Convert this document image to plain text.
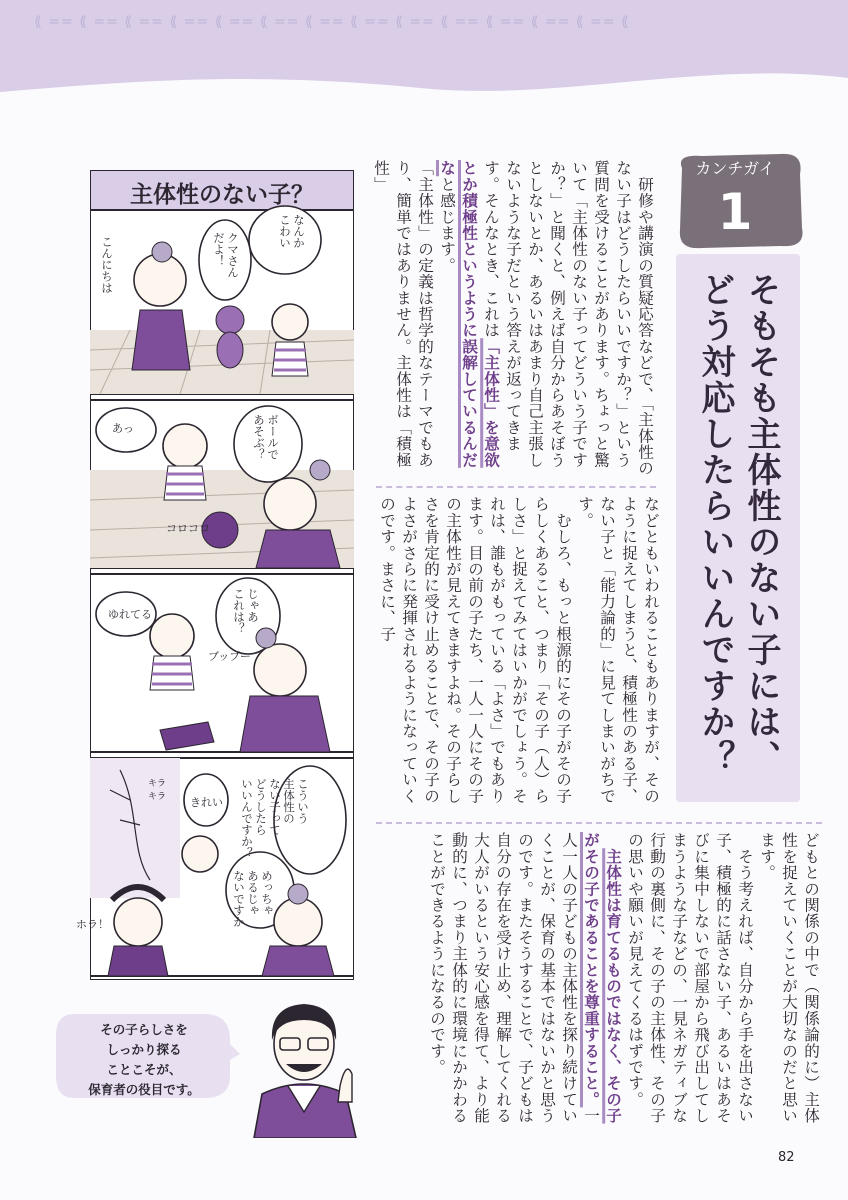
⟪ == ⟪ == ⟪ == ⟪ == ⟪ == ⟪ == ⟪ == ⟪ == ⟪ == ⟪ == ⟪ == ⟪ == ⟪ == ⟪
カンチガイ
1
そもそも主体性のない子には、
どう対応したらいいんですか？
　研修や講演の質疑応答などで、「主体性のない子はどうしたらいいですか？」という質問を受けることがあります。ちょっと驚いて「主体性のない子ってどういう子ですか？」と聞くと、例えば自分からあそぼうとしないとか、あるいはあまり自己主張しないような子だという答えが返ってきます。そんなとき、これは「主体性」を意欲とか積極性というように誤解しているんだなと感じます。
「主体性」の定義は哲学的なテーマでもあり、簡単ではありません。主体性は「積極性」
などともいわれることもありますが、そのように捉えてしまうと、積極性のある子、ない子と「能力論的」に見てしまいがちです。
　むしろ、もっと根源的にその子がその子らしくあること、つまり「その子（人）らしさ」と捉えてみてはいかがでしょう。それは、誰もがもっている「よさ」でもあります。目の前の子たち、一人一人にその子の主体性が見えてきますよね。その子らしさを肯定的に受け止めることで、その子のよさがさらに発揮されるようになっていくのです。まさに、子
どもとの関係の中で（関係論的に）主体性を捉えていくことが大切なのだと思います。
　そう考えれば、自分から手を出さない子、積極的に話さない子、あるいはあそびに集中しないで部屋から飛び出してしまうような子などの、一見ネガティブな行動の裏側に、その子の主体性、その子の思いや願いが見えてくるはずです。
　主体性は育てるものではなく、その子がその子であることを尊重すること。一人一人の子どもの主体性を探り続けていくことが、保育の基本ではないかと思うのです。またそうすることで、子どもは自分の存在を受け止め、理解してくれる大人がいるという安心感を得て、より能動的に、つまり主体的に環境にかかわることができるようになるのです。
主体性のない子？
なんか
こわい
クマさん
だよ！
こんにちは
ボールで
あそぶ？
あっ
コロコロ
じゃあ
これは？
ゆれてる
ブッブー
こういう
主体性の
ない子って
どうしたら
いいんですか？
きれい
めっちゃ
あるじゃ
ないですか
キラ
キラ
ホラ！
その子らしさを
しっかり探る
ことこそが、
保育者の役目です。
82
